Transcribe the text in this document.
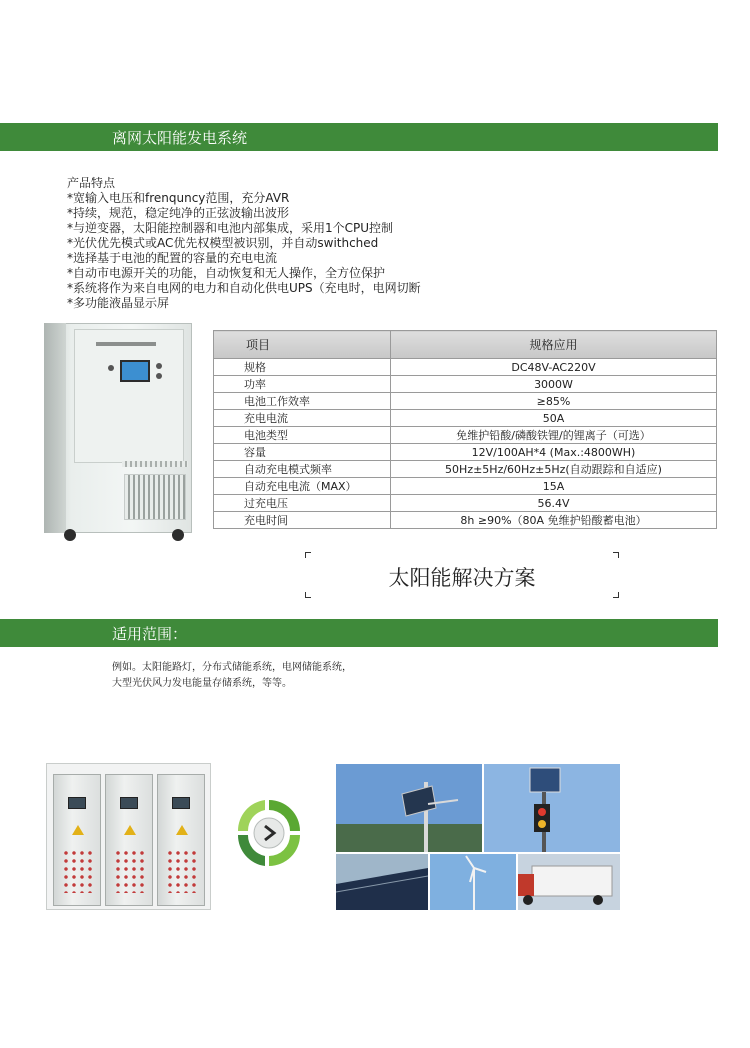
离网太阳能发电系统
产品特点
*宽输入电压和frenquncy范围，充分AVR
*持续，规范，稳定纯净的正弦波输出波形
*与逆变器，太阳能控制器和电池内部集成，采用1个CPU控制
*光伏优先模式或AC优先权模型被识别，并自动swithched
*选择基于电池的配置的容量的充电电流
*自动市电源开关的功能，自动恢复和无人操作，全方位保护
*系统将作为来自电网的电力和自动化供电UPS（充电时，电网切断
*多功能液晶显示屏
项目	规格应用
规格	DC48V-AC220V
功率	3000W
电池工作效率	≥85%
充电电流	50A
电池类型	免维护铅酸/磷酸铁锂/的锂离子（可选）
容量	12V/100AH*4 (Max.:4800WH)
自动充电模式频率	50Hz±5Hz/60Hz±5Hz(自动跟踪和自适应)
自动充电电流（MAX）	15A
过充电压	56.4V
充电时间	8h ≥90%（80A 免维护铅酸蓄电池）
太阳能解决方案
适用范围：
例如。太阳能路灯，分布式储能系统，电网储能系统，
大型光伏风力发电能量存储系统，等等。
